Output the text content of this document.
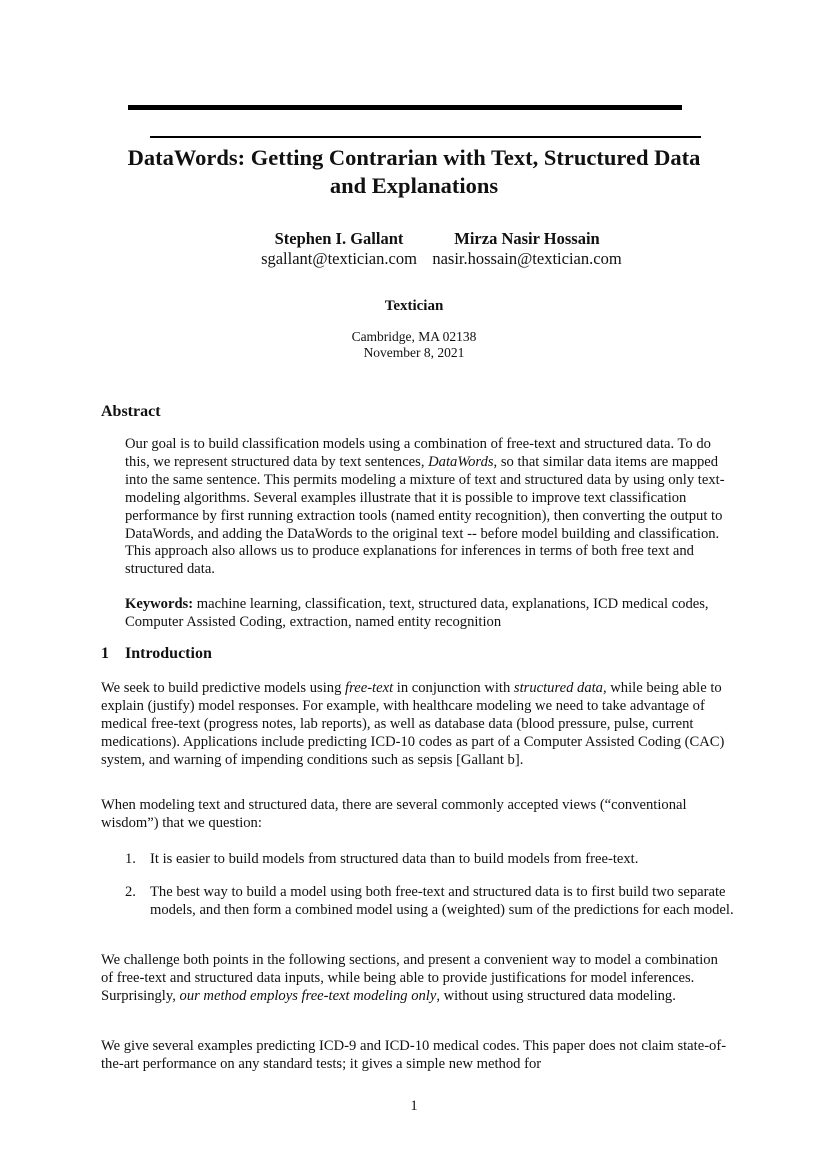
DataWords: Getting Contrarian with Text, Structured Data
and Explanations
Stephen I. Gallant
sgallant@textician.com
Mirza Nasir Hossain
nasir.hossain@textician.com
Textician
Cambridge, MA 02138
November 8, 2021
Abstract

Our goal is to build classification models using a combination of free-text and structured data. To do this, we represent structured data by text sentences, DataWords, so that similar data items are mapped into the same sentence. This permits modeling a mixture of text and structured data by using only text-modeling algorithms. Several examples illustrate that it is possible to improve text classification performance by first running extraction tools (named entity recognition), then converting the output to DataWords, and adding the DataWords to the original text -- before model building and classification. This approach also allows us to produce explanations for inferences in terms of both free text and structured data.

Keywords: machine learning, classification, text, structured data, explanations, ICD medical codes, Computer Assisted Coding, extraction, named entity recognition

1 Introduction

We seek to build predictive models using free-text in conjunction with structured data, while being able to explain (justify) model responses. For example, with healthcare modeling we need to take advantage of medical free-text (progress notes, lab reports), as well as database data (blood pressure, pulse, current medications). Applications include predicting ICD-10 codes as part of a Computer Assisted Coding (CAC) system, and warning of impending conditions such as sepsis [Gallant b].

When modeling text and structured data, there are several commonly accepted views (“conventional wisdom”) that we question:

1. It is easier to build models from structured data than to build models from free-text.
2. The best way to build a model using both free-text and structured data is to first build two separate models, and then form a combined model using a (weighted) sum of the predictions for each model.

We challenge both points in the following sections, and present a convenient way to model a combination of free-text and structured data inputs, while being able to provide justifications for model inferences. Surprisingly, our method employs free-text modeling only, without using structured data modeling.

We give several examples predicting ICD-9 and ICD-10 medical codes. This paper does not claim state-of-the-art performance on any standard tests; it gives a simple new method for

1
